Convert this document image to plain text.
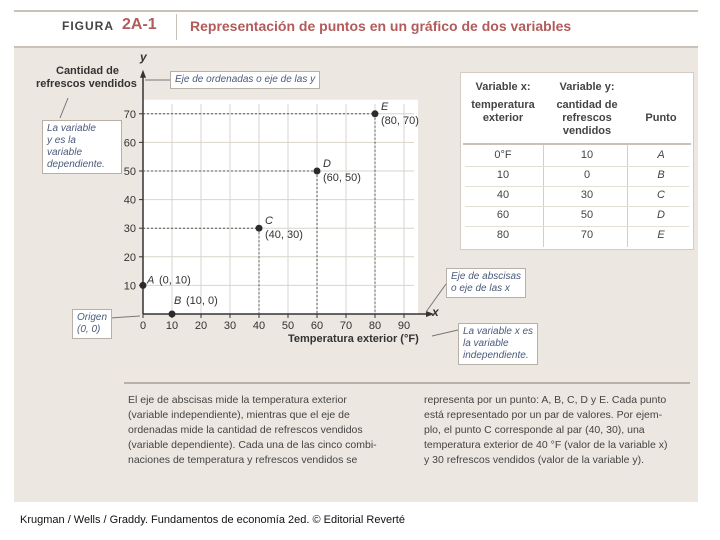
FIGURA 2A-1 Representación de puntos en un gráfico de dos variables
0 10 20 30 40 50 60 70 80 90
10
20
30
40
50
60
70
A (0, 10)
B (10, 0)
C
(40, 30)
D
(60, 50)
E
(80, 70)
Cantidad de
refrescos vendidos
Temperatura exterior (°F)
y
x
Eje de ordenadas o eje de las y
La variable
y es la
variable
dependiente.
Origen
(0, 0)
Eje de abscisas
o eje de las x
La variable x es
la variable
independiente.
Variable x:
temperatura
exterior
Variable y:
cantidad de
refrescos
vendidos
Punto
0°F	10	A
10	0	B
40	30	C
60	50	D
80	70	E
El eje de abscisas mide la temperatura exterior
(variable independiente), mientras que el eje de
ordenadas mide la cantidad de refrescos vendidos
(variable dependiente). Cada una de las cinco combi-
naciones de temperatura y refrescos vendidos se
representa por un punto: A, B, C, D y E. Cada punto
está representado por un par de valores. Por ejem-
plo, el punto C corresponde al par (40, 30), una
temperatura exterior de 40 °F (valor de la variable x)
y 30 refrescos vendidos (valor de la variable y).
Krugman / Wells / Graddy. Fundamentos de economía 2ed. © Editorial Reverté
